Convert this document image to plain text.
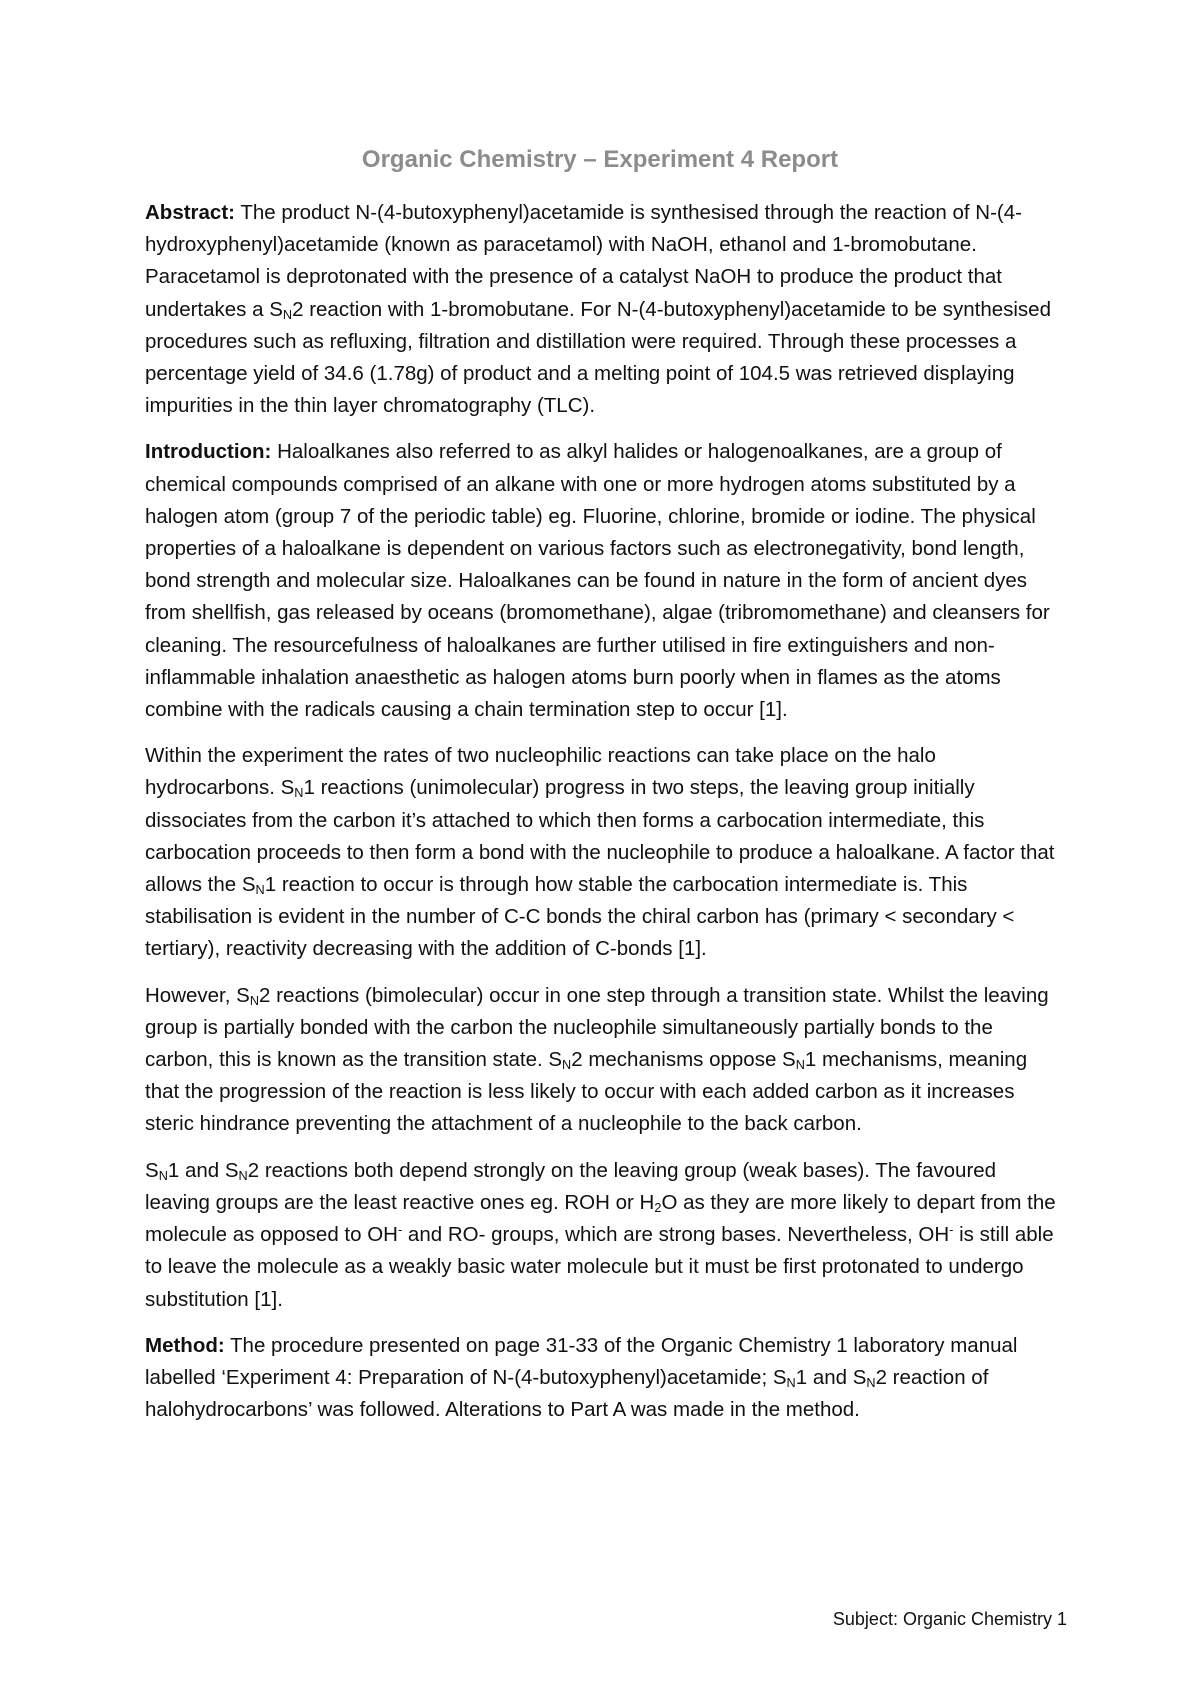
Organic Chemistry – Experiment 4 Report

Abstract: The product N-(4-butoxyphenyl)acetamide is synthesised through the reaction of N-(4-hydroxyphenyl)acetamide (known as paracetamol) with NaOH, ethanol and 1-bromobutane. Paracetamol is deprotonated with the presence of a catalyst NaOH to produce the product that undertakes a $S_N2$ reaction with 1-bromobutane. For N-(4-butoxyphenyl)acetamide to be synthesised procedures such as refluxing, filtration and distillation were required. Through these processes a percentage yield of 34.6 (1.78g) of product and a melting point of 104.5 was retrieved displaying impurities in the thin layer chromatography (TLC).

Introduction: Haloalkanes also referred to as alkyl halides or halogenoalkanes, are a group of chemical compounds comprised of an alkane with one or more hydrogen atoms substituted by a halogen atom (group 7 of the periodic table) eg. Fluorine, chlorine, bromide or iodine. The physical properties of a haloalkane is dependent on various factors such as electronegativity, bond length, bond strength and molecular size. Haloalkanes can be found in nature in the form of ancient dyes from shellfish, gas released by oceans (bromomethane), algae (tribromomethane) and cleansers for cleaning. The resourcefulness of haloalkanes are further utilised in fire extinguishers and non-inflammable inhalation anaesthetic as halogen atoms burn poorly when in flames as the atoms combine with the radicals causing a chain termination step to occur [1].

Within the experiment the rates of two nucleophilic reactions can take place on the halo hydrocarbons. $S_N1$ reactions (unimolecular) progress in two steps, the leaving group initially dissociates from the carbon it’s attached to which then forms a carbocation intermediate, this carbocation proceeds to then form a bond with the nucleophile to produce a haloalkane. A factor that allows the $S_N1$ reaction to occur is through how stable the carbocation intermediate is. This stabilisation is evident in the number of C-C bonds the chiral carbon has (primary < secondary < tertiary), reactivity decreasing with the addition of C-bonds [1].

However, $S_N2$ reactions (bimolecular) occur in one step through a transition state. Whilst the leaving group is partially bonded with the carbon the nucleophile simultaneously partially bonds to the carbon, this is known as the transition state. $S_N2$ mechanisms oppose $S_N1$ mechanisms, meaning that the progression of the reaction is less likely to occur with each added carbon as it increases steric hindrance preventing the attachment of a nucleophile to the back carbon.

$S_N1$ and $S_N2$ reactions both depend strongly on the leaving group (weak bases). The favoured leaving groups are the least reactive ones eg. ROH or $H_2O$ as they are more likely to depart from the molecule as opposed to OH- and RO- groups, which are strong bases. Nevertheless, OH- is still able to leave the molecule as a weakly basic water molecule but it must be first protonated to undergo substitution [1].

Method: The procedure presented on page 31-33 of the Organic Chemistry 1 laboratory manual labelled ‘Experiment 4: Preparation of N-(4-butoxyphenyl)acetamide; $S_N1$ and $S_N2$ reaction of halohydrocarbons’ was followed. Alterations to Part A was made in the method.

Subject: Organic Chemistry 1
